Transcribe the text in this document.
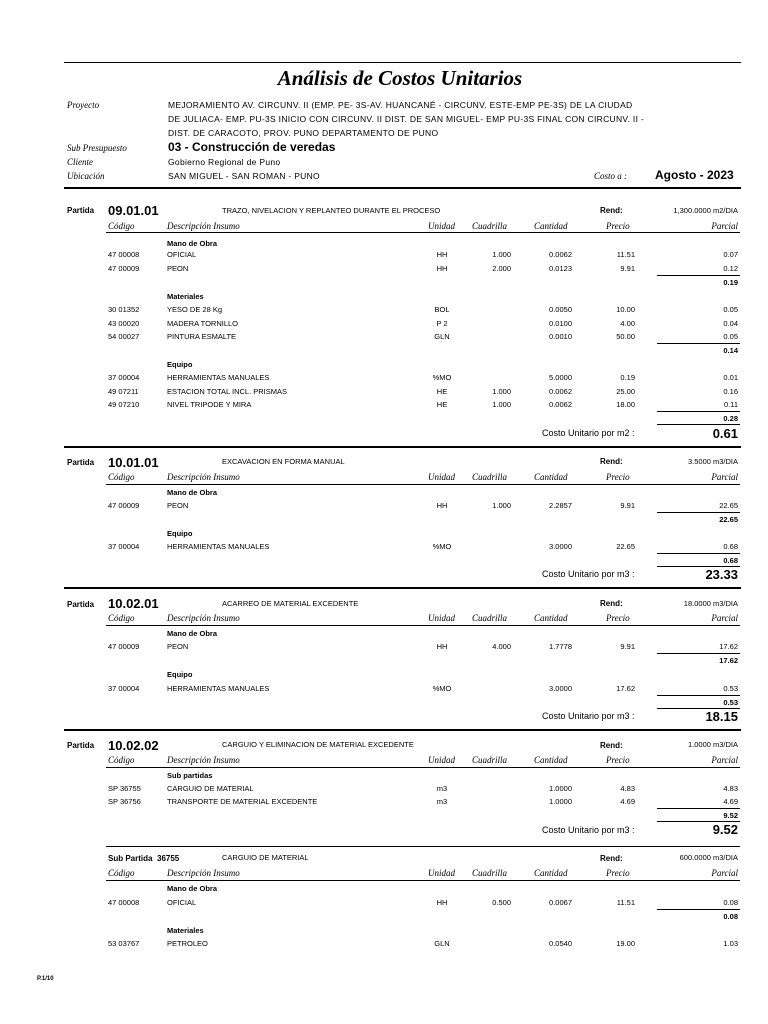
Análisis de Costos Unitarios
Proyecto	MEJORAMIENTO AV. CIRCUNV. II (EMP. PE- 3S-AV. HUANCANÉ - CIRCUNV. ESTE-EMP PE-3S) DE LA CIUDAD
DE JULIACA- EMP. PU-3S INICIO CON CIRCUNV. II DIST. DE SAN MIGUEL- EMP PU-3S FINAL CON CIRCUNV. II -
DIST. DE CARACOTO, PROV. PUNO DEPARTAMENTO DE PUNO
Sub Presupuesto	03 - Construcción de veredas
Cliente	Gobierno Regional de Puno
Ubicación	SAN MIGUEL - SAN ROMAN - PUNO	Costo a : Agosto - 2023
Partida 09.01.01	TRAZO, NIVELACION Y REPLANTEO DURANTE EL PROCESO	Rend:	1,300.0000 m2/DIA
Código	Descripción Insumo	Unidad Cuadrilla	Cantidad	Precio	Parcial
Mano de Obra
47 00008	OFICIAL	HH	1.000	0.0062	11.51	0.07
47 00009	PEON	HH	2.000	0.0123	9.91	0.12
0.19
Materiales
30 01352	YESO DE 28 Kg	BOL	0.0050	10.00	0.05
43 00020	MADERA TORNILLO	P 2	0.0100	4.00	0.04
54 00027	PINTURA ESMALTE	GLN	0.0010	50.00	0.05
0.14
Equipo
37 00004	HERRAMIENTAS MANUALES	%MO	5.0000	0.19	0.01
49 07211	ESTACION TOTAL INCL. PRISMAS	HE	1.000	0.0062	25.00	0.16
49 07210	NIVEL TRIPODE Y MIRA	HE	1.000	0.0062	18.00	0.11
0.28
Costo Unitario por m2 :	0.61
Partida 10.01.01	EXCAVACION EN FORMA MANUAL	Rend:	3.5000 m3/DIA
Código	Descripción Insumo	Unidad Cuadrilla	Cantidad	Precio	Parcial
Mano de Obra
47 00009	PEON	HH	1.000	2.2857	9.91	22.65
22.65
Equipo
37 00004	HERRAMIENTAS MANUALES	%MO	3.0000	22.65	0.68
0.68
Costo Unitario por m3 :	23.33
Partida 10.02.01	ACARREO DE MATERIAL EXCEDENTE	Rend:	18.0000 m3/DIA
Código	Descripción Insumo	Unidad Cuadrilla	Cantidad	Precio	Parcial
Mano de Obra
47 00009	PEON	HH	4.000	1.7778	9.91	17.62
17.62
Equipo
37 00004	HERRAMIENTAS MANUALES	%MO	3.0000	17.62	0.53
0.53
Costo Unitario por m3 :	18.15
Partida 10.02.02	CARGUIO Y ELIMINACION DE MATERIAL EXCEDENTE	Rend:	1.0000 m3/DIA
Código	Descripción Insumo	Unidad Cuadrilla	Cantidad	Precio	Parcial
Sub partidas
SP 36755	CARGUIO DE MATERIAL	m3	1.0000	4.83	4.83
SP 36756	TRANSPORTE DE MATERIAL EXCEDENTE	m3	1.0000	4.69	4.69
9.52
Costo Unitario por m3 :	9.52
Sub Partida 36755	CARGUIO DE MATERIAL	Rend:	600.0000 m3/DIA
Código	Descripción Insumo	Unidad Cuadrilla	Cantidad	Precio	Parcial
Mano de Obra
47 00008	OFICIAL	HH	0.500	0.0067	11.51	0.08
0.08
Materiales
53 03767	PETROLEO	GLN	0.0540	19.00	1.03
P.1/10
